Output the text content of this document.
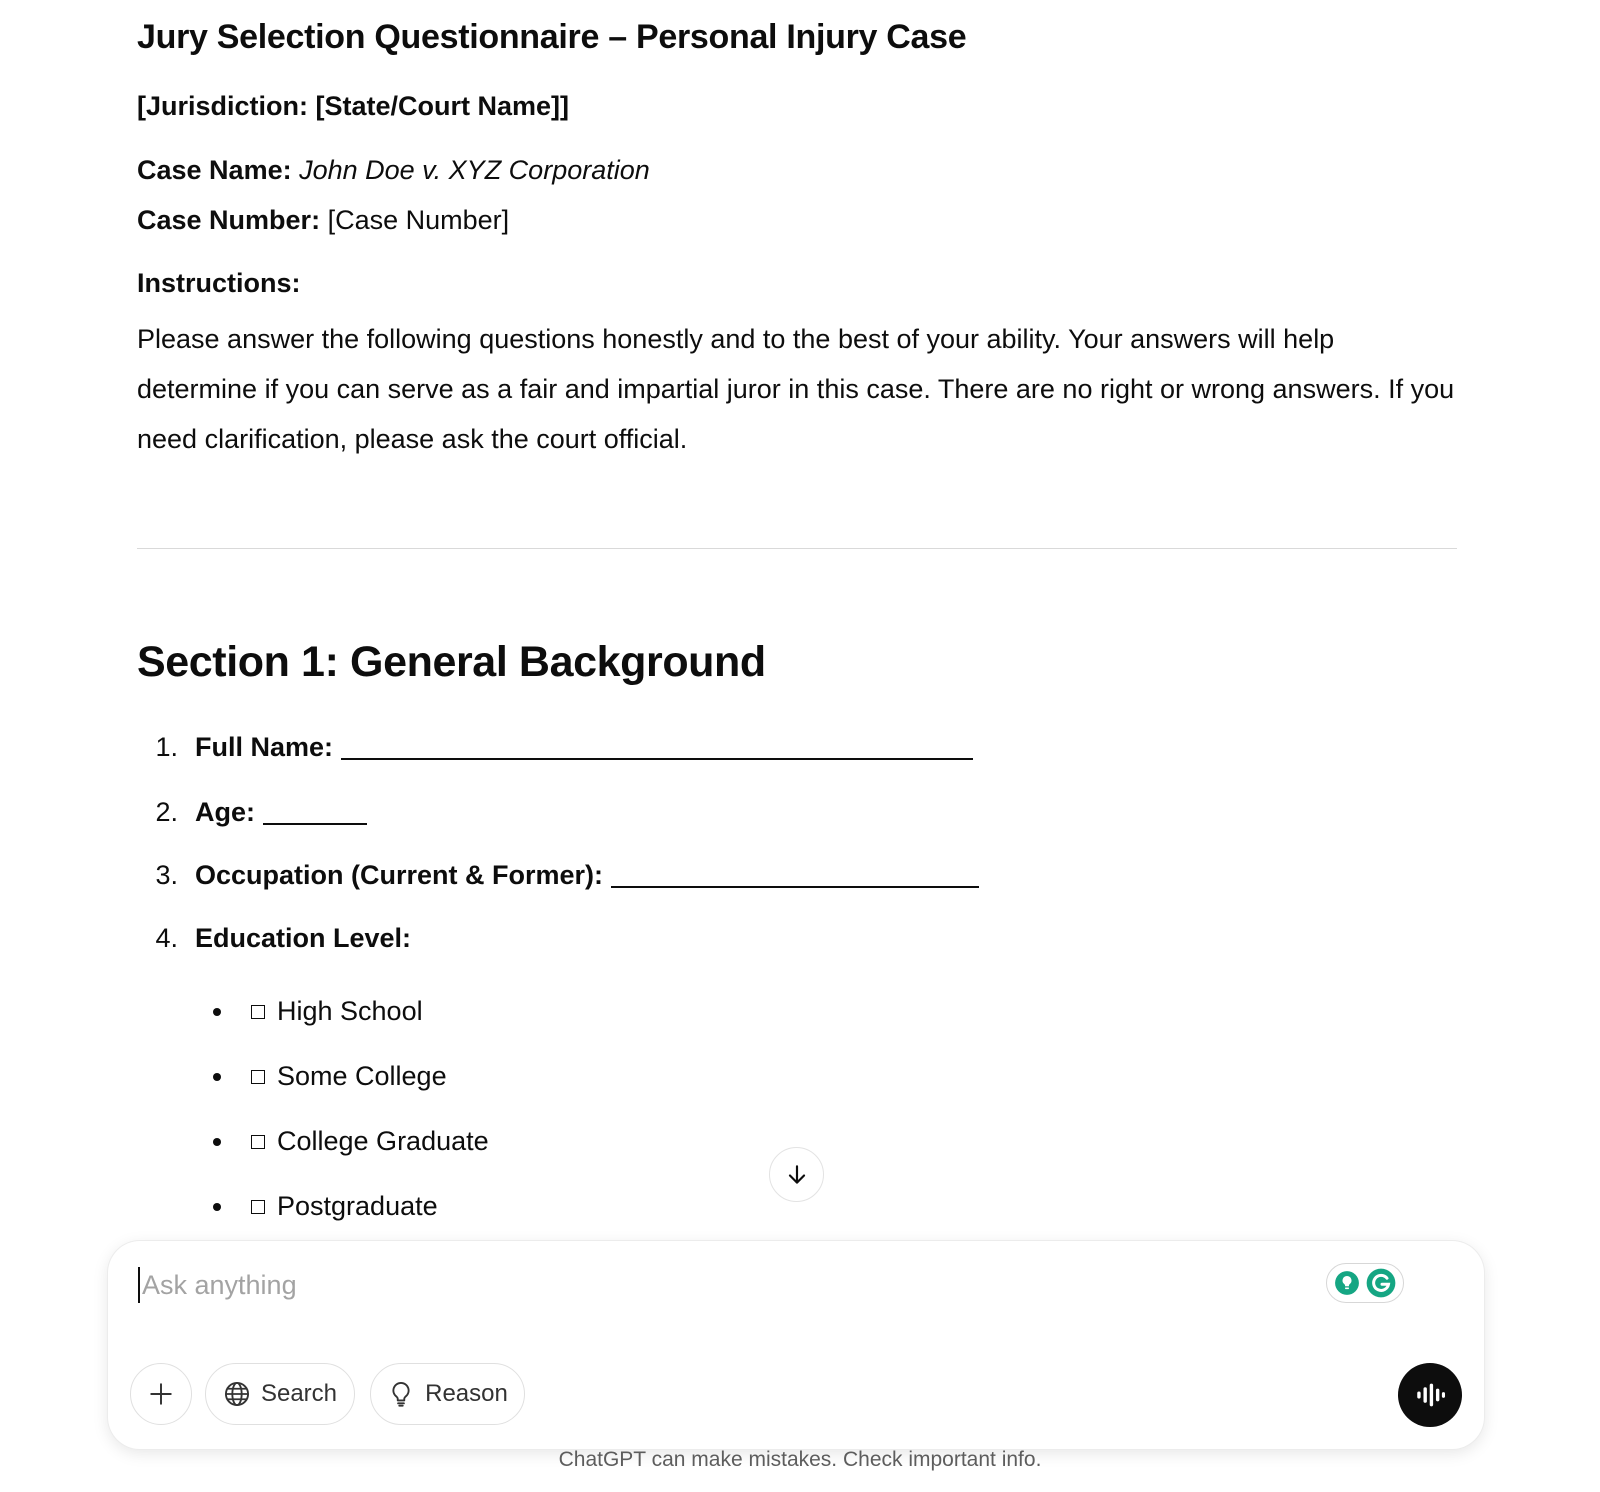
Jury Selection Questionnaire – Personal Injury Case

[Jurisdiction: [State/Court Name]]

Case Name: John Doe v. XYZ Corporation

Case Number: [Case Number]

Instructions:

Please answer the following questions honestly and to the best of your ability. Your answers will help determine if you can serve as a fair and impartial juror in this case. There are no right or wrong answers. If you need clarification, please ask the court official.

Section 1: General Background
1. Full Name:
2. Age:
3. Occupation (Current & Former):
4. Education Level:
High School
Some College
College Graduate
Postgraduate
Ask anything
Search	Reason
ChatGPT can make mistakes. Check important info.
